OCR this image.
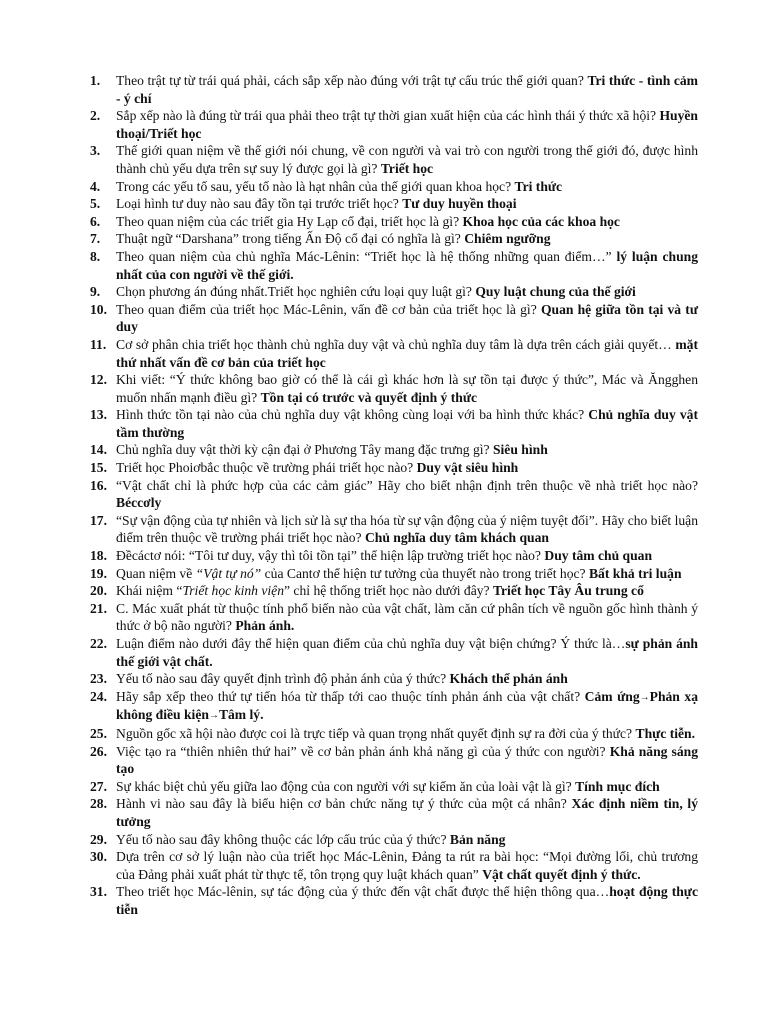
1.	Theo trật tự từ trái quá phải, cách sắp xếp nào đúng với trật tự cấu trúc thế giới quan? Tri thức - tình cảm - ý chí
2.	Sắp xếp nào là đúng từ trái qua phải theo trật tự thời gian xuất hiện của các hình thái ý thức xã hội? Huyền thoại/Triết học
3.	Thế giới quan niệm về thế giới nói chung, về con người và vai trò con người trong thế giới đó, được hình thành chủ yếu dựa trên sự suy lý được gọi là gì? Triết học
4.	Trong các yếu tố sau, yếu tố nào là hạt nhân của thế giới quan khoa học? Tri thức
5.	Loại hình tư duy nào sau đây tồn tại trước triết học? Tư duy huyền thoại
6.	Theo quan niệm của các triết gia Hy Lạp cổ đại, triết học là gì? Khoa học của các khoa học
7.	Thuật ngữ “Darshana” trong tiếng Ấn Độ cổ đại có nghĩa là gì? Chiêm ngưỡng
8.	Theo quan niệm của chủ nghĩa Mác-Lênin: “Triết học là hệ thống những quan điểm…” lý luận chung nhất của con người về thế giới.
9.	Chọn phương án đúng nhất.Triết học nghiên cứu loại quy luật gì? Quy luật chung của thế giới
10. Theo quan điểm của triết học Mác-Lênin, vấn đề cơ bản của triết học là gì? Quan hệ giữa tồn tại và tư duy
11. Cơ sở phân chia triết học thành chủ nghĩa duy vật và chủ nghĩa duy tâm là dựa trên cách giải quyết… mặt thứ nhất vấn đề cơ bản của triết học
12. Khi viết: “Ý thức không bao giờ có thể là cái gì khác hơn là sự tồn tại được ý thức”, Mác và Ăngghen muốn nhấn mạnh điều gì? Tồn tại có trước và quyết định ý thức
13. Hình thức tồn tại nào của chủ nghĩa duy vật không cùng loại với ba hình thức khác? Chủ nghĩa duy vật tầm thường
14. Chủ nghĩa duy vật thời kỳ cận đại ở Phương Tây mang đặc trưng gì? Siêu hình
15. Triết học Phoiơbắc thuộc về trường phái triết học nào? Duy vật siêu hình
16. “Vật chất chỉ là phức hợp của các cảm giác” Hãy cho biết nhận định trên thuộc về nhà triết học nào? Béccơly
17. “Sự vận động của tự nhiên và lịch sử là sự tha hóa từ sự vận động của ý niệm tuyệt đối”. Hãy cho biết luận điểm trên thuộc về trường phái triết học nào? Chủ nghĩa duy tâm khách quan
18. Đềcáctơ nói: “Tôi tư duy, vậy thì tôi tồn tại” thể hiện lập trường triết học nào? Duy tâm chủ quan
19. Quan niệm về “Vật tự nó” của Cantơ thể hiện tư tưởng của thuyết nào trong triết học? Bất khả tri luận
20. Khái niệm “Triết học kinh viện” chỉ hệ thống triết học nào dưới đây? Triết học Tây Âu trung cổ
21. C. Mác xuất phát từ thuộc tính phổ biến nào của vật chất, làm căn cứ phân tích về nguồn gốc hình thành ý thức ở bộ não người? Phản ánh.
22. Luận điểm nào dưới đây thể hiện quan điểm của chủ nghĩa duy vật biện chứng? Ý thức là…sự phản ánh thế giới vật chất.
23. Yếu tố nào sau đây quyết định trình độ phản ánh của ý thức? Khách thể phản ánh
24. Hãy sắp xếp theo thứ tự tiến hóa từ thấp tới cao thuộc tính phản ánh của vật chất? Cảm ứng→Phản xạ không điều kiện→Tâm lý.
25. Nguồn gốc xã hội nào được coi là trực tiếp và quan trọng nhất quyết định sự ra đời của ý thức? Thực tiễn.
26. Việc tạo ra “thiên nhiên thứ hai” về cơ bản phản ánh khả năng gì của ý thức con người? Khả năng sáng tạo
27. Sự khác biệt chủ yếu giữa lao động của con người với sự kiếm ăn của loài vật là gì? Tính mục đích
28. Hành vi nào sau đây là biểu hiện cơ bản chức năng tự ý thức của một cá nhân? Xác định niềm tin, lý tưởng
29. Yếu tố nào sau đây không thuộc các lớp cấu trúc của ý thức? Bản năng
30. Dựa trên cơ sở lý luận nào của triết học Mác-Lênin, Đảng ta rút ra bài học: “Mọi đường lối, chủ trương của Đảng phải xuất phát từ thực tế, tôn trọng quy luật khách quan” Vật chất quyết định ý thức.
31. Theo triết học Mác-lênin, sự tác động của ý thức đến vật chất được thể hiện thông qua…hoạt động thực tiễn
